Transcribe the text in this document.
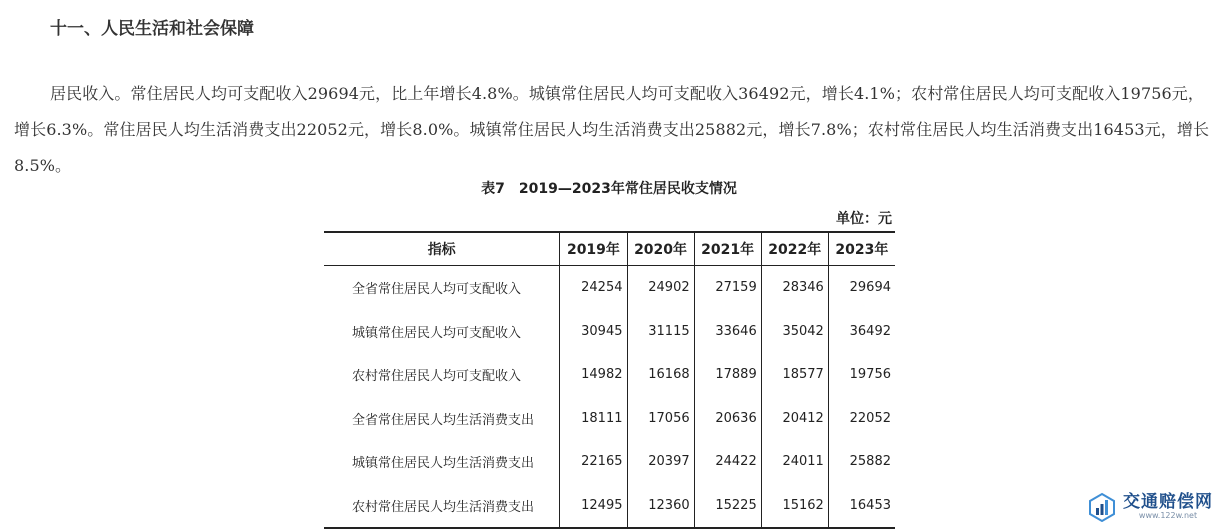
十一、人民生活和社会保障

居民收入。常住居民人均可支配收入29694元，比上年增长4.8%。城镇常住居民人均可支配收入36492元，增长4.1%；农村常住居民人均可支配收入19756元，增长6.3%。常住居民人均生活消费支出22052元，增长8.0%。城镇常住居民人均生活消费支出25882元，增长7.8%；农村常住居民人均生活消费支出16453元，增长8.5%。

表7　2019—2023年常住居民收支情况
单位：元
指标	2019年	2020年	2021年	2022年	2023年
全省常住居民人均可支配收入	24254	24902	27159	28346	29694
城镇常住居民人均可支配收入	30945	31115	33646	35042	36492
农村常住居民人均可支配收入	14982	16168	17889	18577	19756
全省常住居民人均生活消费支出	18111	17056	20636	20412	22052
城镇常住居民人均生活消费支出	22165	20397	24422	24011	25882
农村常住居民人均生活消费支出	12495	12360	15225	15162	16453	交通赔偿网
www.122w.net
